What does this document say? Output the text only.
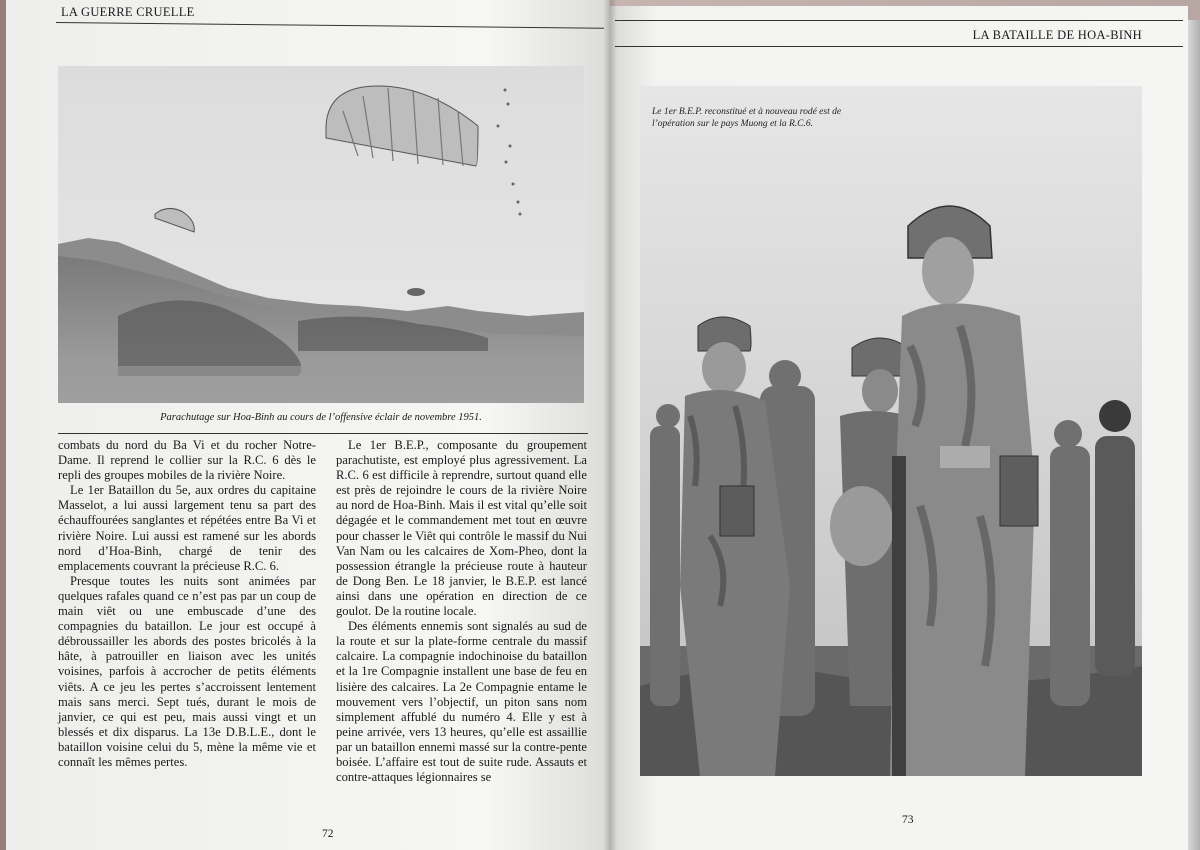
LA GUERRE CRUELLE
Parachutage sur Hoa-Binh au cours de l’offensive éclair de novembre 1951.

combats du nord du Ba Vi et du rocher Notre-Dame. Il reprend le collier sur la R.C. 6 dès le repli des groupes mobiles de la rivière Noire.

Le 1er Bataillon du 5e, aux ordres du capitaine Masselot, a lui aussi largement tenu sa part des échauffourées sanglantes et répétées entre Ba Vi et rivière Noire. Lui aussi est ramené sur les abords nord d’Hoa-Binh, chargé de tenir des emplacements couvrant la précieuse R.C. 6.

Presque toutes les nuits sont animées par quelques rafales quand ce n’est pas par un coup de main viêt ou une embuscade d’une des compagnies du bataillon. Le jour est occupé à débroussailler les abords des postes bricolés à la hâte, à patrouiller en liaison avec les unités voisines, parfois à accrocher de petits éléments viêts. A ce jeu les pertes s’accroissent lentement mais sans merci. Sept tués, durant le mois de janvier, ce qui est peu, mais aussi vingt et un blessés et dix disparus. La 13e D.B.L.E., dont le bataillon voisine celui du 5, mène la même vie et connaît les mêmes pertes.

Le 1er B.E.P., composante du groupement parachutiste, est employé plus agressivement. La R.C. 6 est difficile à reprendre, surtout quand elle est près de rejoindre le cours de la rivière Noire au nord de Hoa-Binh. Mais il est vital qu’elle soit dégagée et le commandement met tout en œuvre pour chasser le Viêt qui contrôle le massif du Nui Van Nam ou les calcaires de Xom-Pheo, dont la possession étrangle la précieuse route à hauteur de Dong Ben. Le 18 janvier, le B.E.P. est lancé ainsi dans une opération en direction de ce goulot. De la routine locale.

Des éléments ennemis sont signalés au sud de la route et sur la plate-forme centrale du massif calcaire. La compagnie indochinoise du bataillon et la 1re Compagnie installent une base de feu en lisière des calcaires. La 2e Compagnie entame le mouvement vers l’objectif, un piton sans nom simplement affublé du numéro 4. Elle y est à peine arrivée, vers 13 heures, qu’elle est assaillie par un bataillon ennemi massé sur la contre-pente boisée. L’affaire est tout de suite rude. Assauts et contre-attaques légionnaires se

72
LA BATAILLE DE HOA-BINH
Le 1er B.E.P. reconstitué et à nouveau rodé est de
l’opération sur le pays Muong et la R.C.6.
73
